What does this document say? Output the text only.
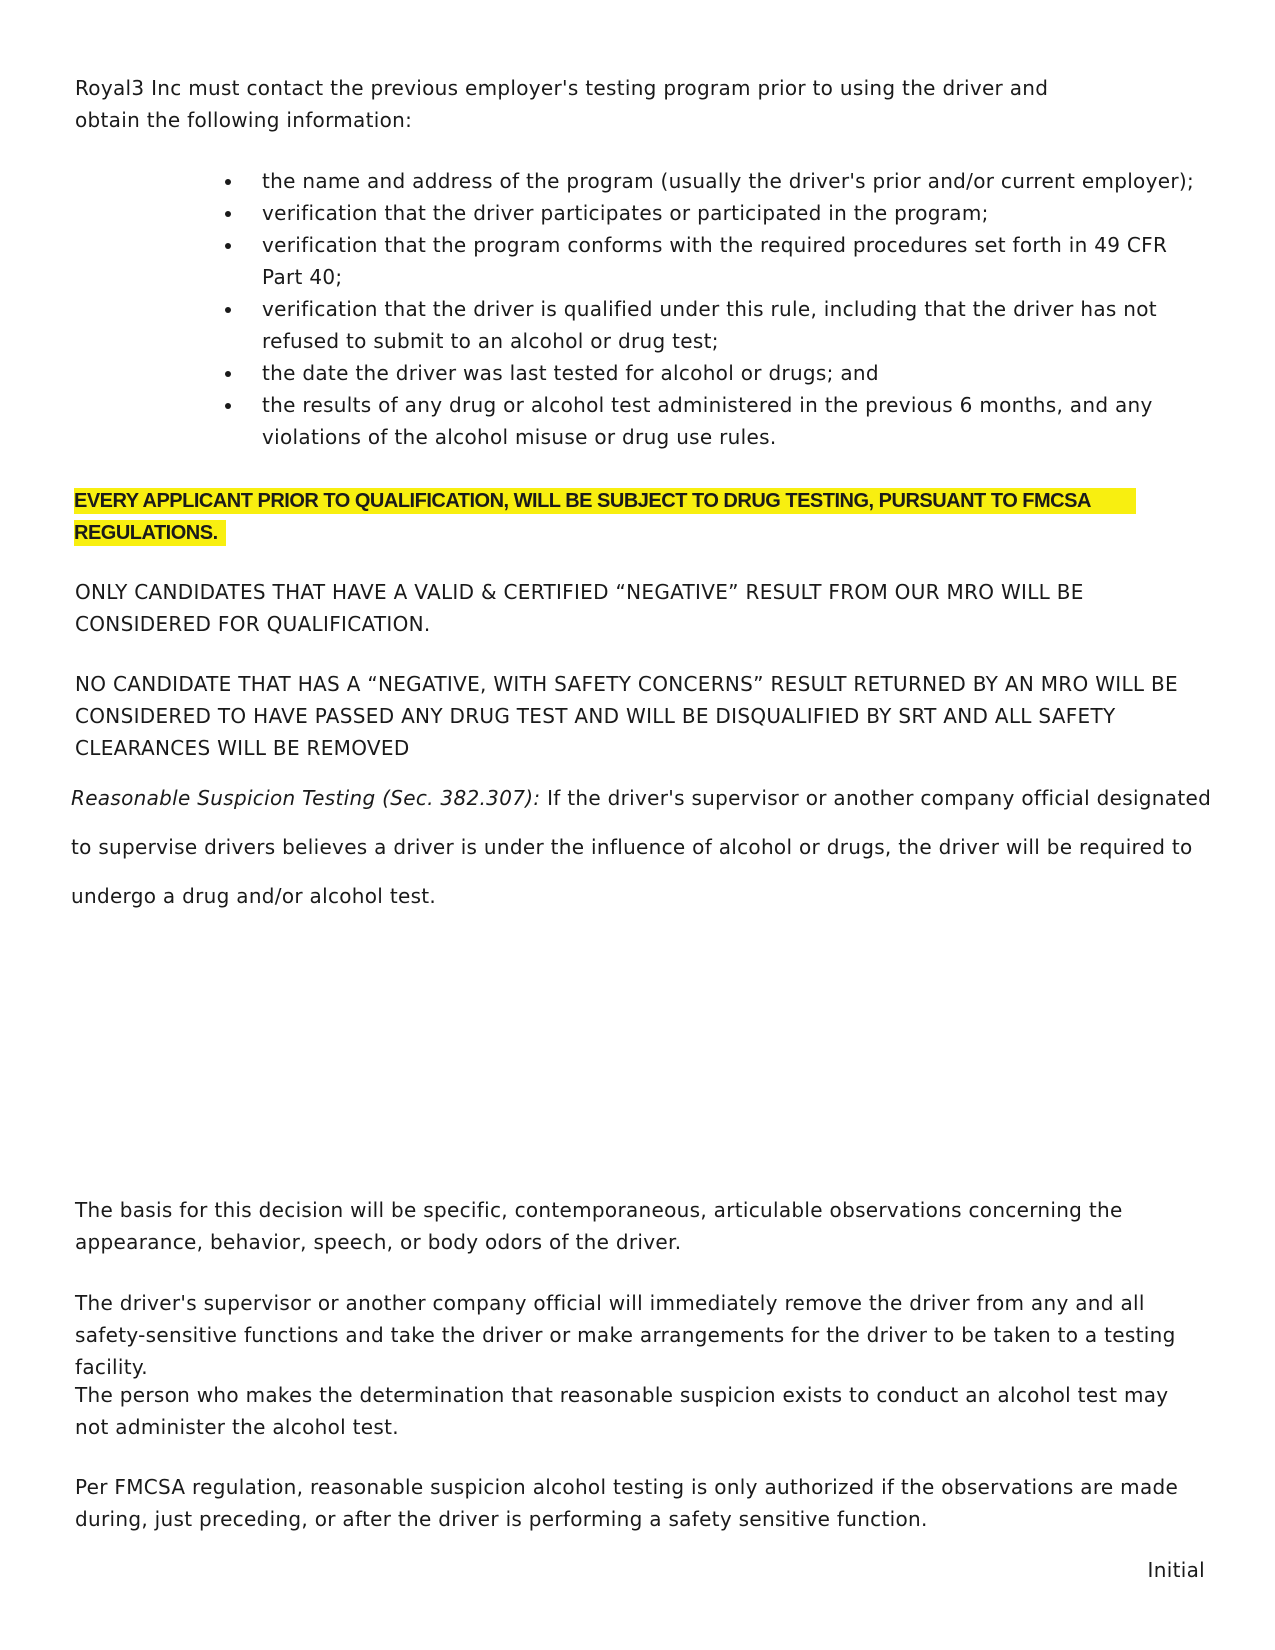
Royal3 Inc must contact the previous employer's testing program prior to using the driver and obtain the following information:

the name and address of the program (usually the driver's prior and/or current employer);
verification that the driver participates or participated in the program;
verification that the program conforms with the required procedures set forth in 49 CFR Part 40;
verification that the driver is qualified under this rule, including that the driver has not refused to submit to an alcohol or drug test;
the date the driver was last tested for alcohol or drugs; and
the results of any drug or alcohol test administered in the previous 6 months, and any violations of the alcohol misuse or drug use rules.
EVERY APPLICANT PRIOR TO QUALIFICATION, WILL BE SUBJECT TO DRUG TESTING, PURSUANT TO FMCSA
REGULATIONS.

ONLY CANDIDATES THAT HAVE A VALID & CERTIFIED “NEGATIVE” RESULT FROM OUR MRO WILL BE CONSIDERED FOR QUALIFICATION.

NO CANDIDATE THAT HAS A “NEGATIVE, WITH SAFETY CONCERNS” RESULT RETURNED BY AN MRO WILL BE CONSIDERED TO HAVE PASSED ANY DRUG TEST AND WILL BE DISQUALIFIED BY SRT AND ALL SAFETY CLEARANCES WILL BE REMOVED

Reasonable Suspicion Testing (Sec. 382.307): If the driver's supervisor or another company official designated to supervise drivers believes a driver is under the influence of alcohol or drugs, the driver will be required to undergo a drug and/or alcohol test.

The basis for this decision will be specific, contemporaneous, articulable observations concerning the appearance, behavior, speech, or body odors of the driver.

The driver's supervisor or another company official will immediately remove the driver from any and all safety-sensitive functions and take the driver or make arrangements for the driver to be taken to a testing facility.

The person who makes the determination that reasonable suspicion exists to conduct an alcohol test may not administer the alcohol test.

Per FMCSA regulation, reasonable suspicion alcohol testing is only authorized if the observations are made during, just preceding, or after the driver is performing a safety sensitive function.

Initial
